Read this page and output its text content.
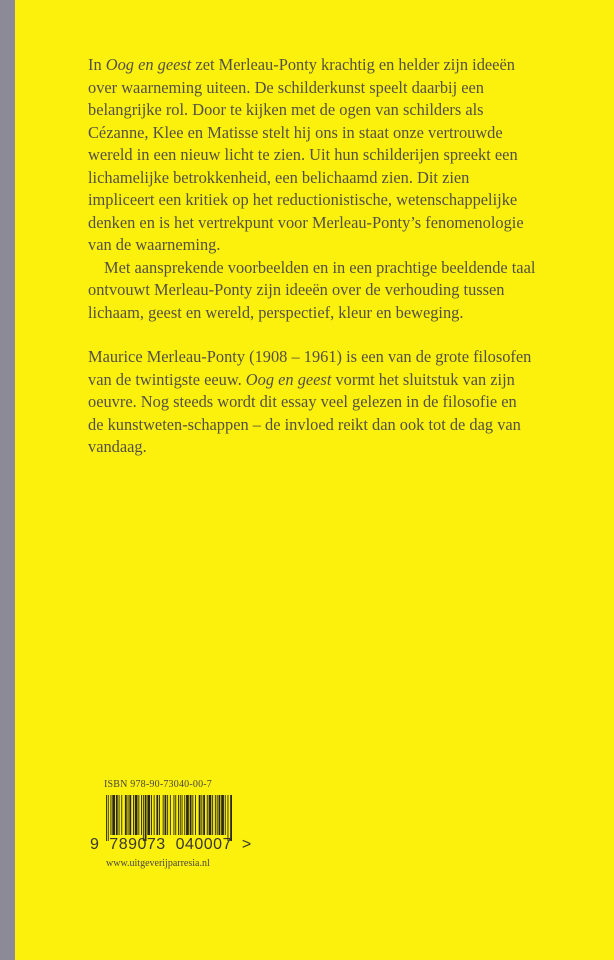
In Oog en geest zet Merleau-Ponty krachtig en helder zijn ideeën over waarneming uiteen. De schilderkunst speelt daarbij een belangrijke rol. Door te kijken met de ogen van schilders als Cézanne, Klee en Matisse stelt hij ons in staat onze vertrouwde wereld in een nieuw licht te zien. Uit hun schilderijen spreekt een lichamelijke betrokkenheid, een belichaamd zien. Dit zien impliceert een kritiek op het reductionistische, wetenschappelijke denken en is het vertrekpunt voor Merleau-Ponty’s fenomenologie van de waarneming.

Met aansprekende voorbeelden en in een prachtige beeldende taal ontvouwt Merleau-Ponty zijn ideeën over de verhouding tussen lichaam, geest en wereld, perspectief, kleur en beweging.

Maurice Merleau-Ponty (1908 – 1961) is een van de grote filosofen van de twintigste eeuw. Oog en geest vormt het sluitstuk van zijn oeuvre. Nog steeds wordt dit essay veel gelezen in de filosofie en de kunstweten-schappen – de invloed reikt dan ook tot de dag van vandaag.

ISBN 978-90-73040-00-7
9  789073  040007  >
www.uitgeverijparresia.nl
